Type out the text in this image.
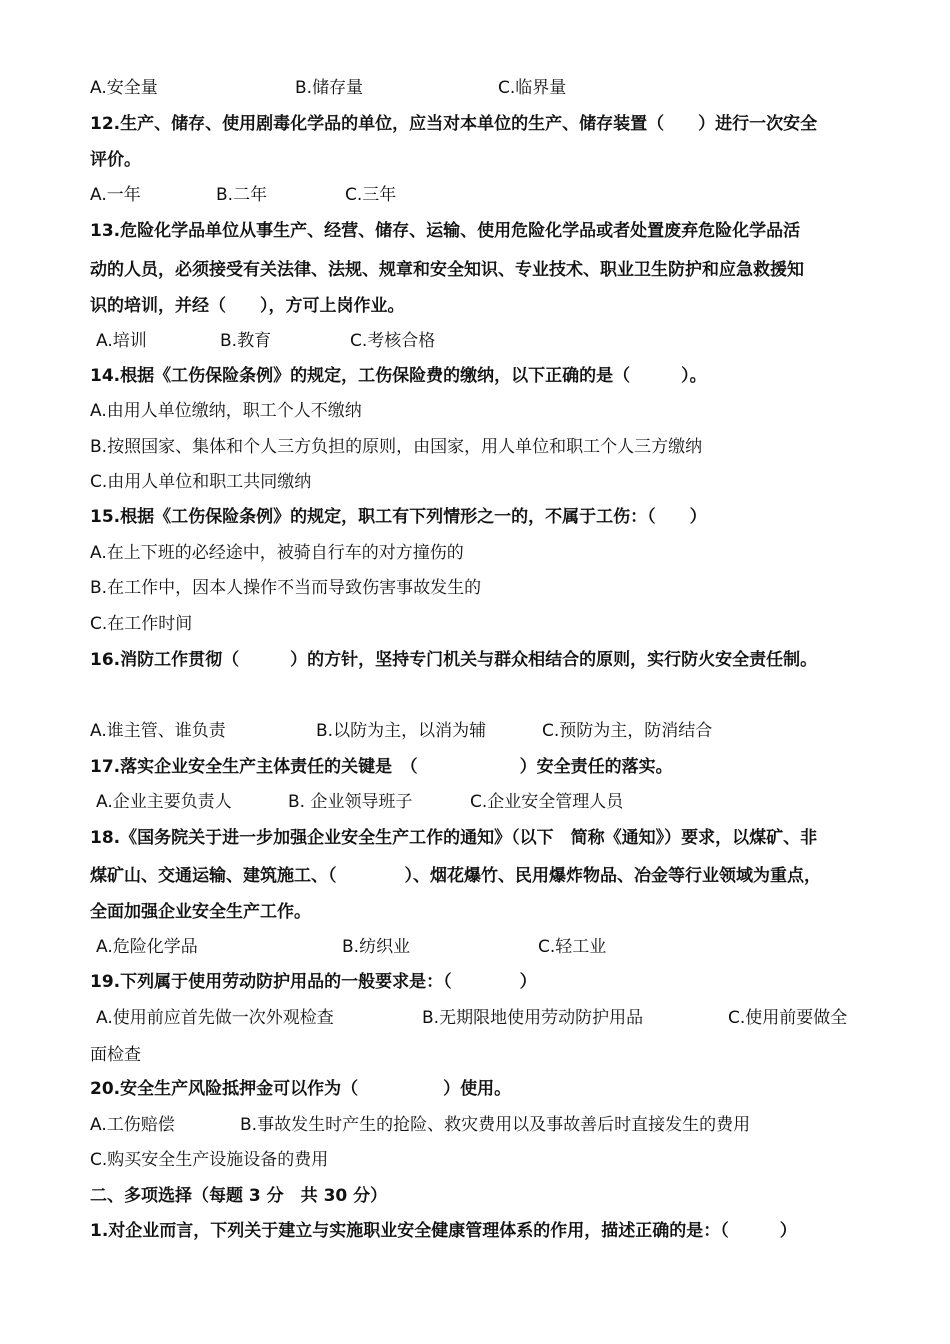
A.安全量	B.储存量	C.临界量
12.生产、储存、使用剧毒化学品的单位，应当对本单位的生产、储存装置（　　）进行一次安全
评价。
A.一年	B.二年	C.三年
13.危险化学品单位从事生产、经营、储存、运输、使用危险化学品或者处置废弃危险化学品活
动的人员，必须接受有关法律、法规、规章和安全知识、专业技术、职业卫生防护和应急救援知
识的培训，并经（　　），方可上岗作业。
A.培训	B.教育	C.考核合格
14.根据《工伤保险条例》的规定，工伤保险费的缴纳，以下正确的是（　　　）。
A.由用人单位缴纳，职工个人不缴纳
B.按照国家、集体和个人三方负担的原则，由国家，用人单位和职工个人三方缴纳
C.由用人单位和职工共同缴纳
15.根据《工伤保险条例》的规定，职工有下列情形之一的，不属于工伤：（　　）
A.在上下班的必经途中，被骑自行车的对方撞伤的
B.在工作中，因本人操作不当而导致伤害事故发生的
C.在工作时间
16.消防工作贯彻（　　　）的方针，坚持专门机关与群众相结合的原则，实行防火安全责任制。
A.谁主管、谁负责	B.以防为主，以消为辅	C.预防为主，防消结合
17.落实企业安全生产主体责任的关键是　（　　　　　　）安全责任的落实。
A.企业主要负责人	B. 企业领导班子	C.企业安全管理人员
18.《国务院关于进一步加强企业安全生产工作的通知》（以下　简称《通知》）要求，以煤矿、非
煤矿山、交通运输、建筑施工、（　　　　）、烟花爆竹、民用爆炸物品、冶金等行业领域为重点，
全面加强企业安全生产工作。
A.危险化学品	B.纺织业	C.轻工业
19.下列属于使用劳动防护用品的一般要求是：（　　　　）
A.使用前应首先做一次外观检查	B.无期限地使用劳动防护用品	C.使用前要做全
面检查
20.安全生产风险抵押金可以作为（　　　　　）使用。
A.工伤赔偿	B.事故发生时产生的抢险、救灾费用以及事故善后时直接发生的费用
C.购买安全生产设施设备的费用
二、多项选择（每题 3 分　共 30 分）
1.对企业而言，下列关于建立与实施职业安全健康管理体系的作用，描述正确的是：（　　　）
